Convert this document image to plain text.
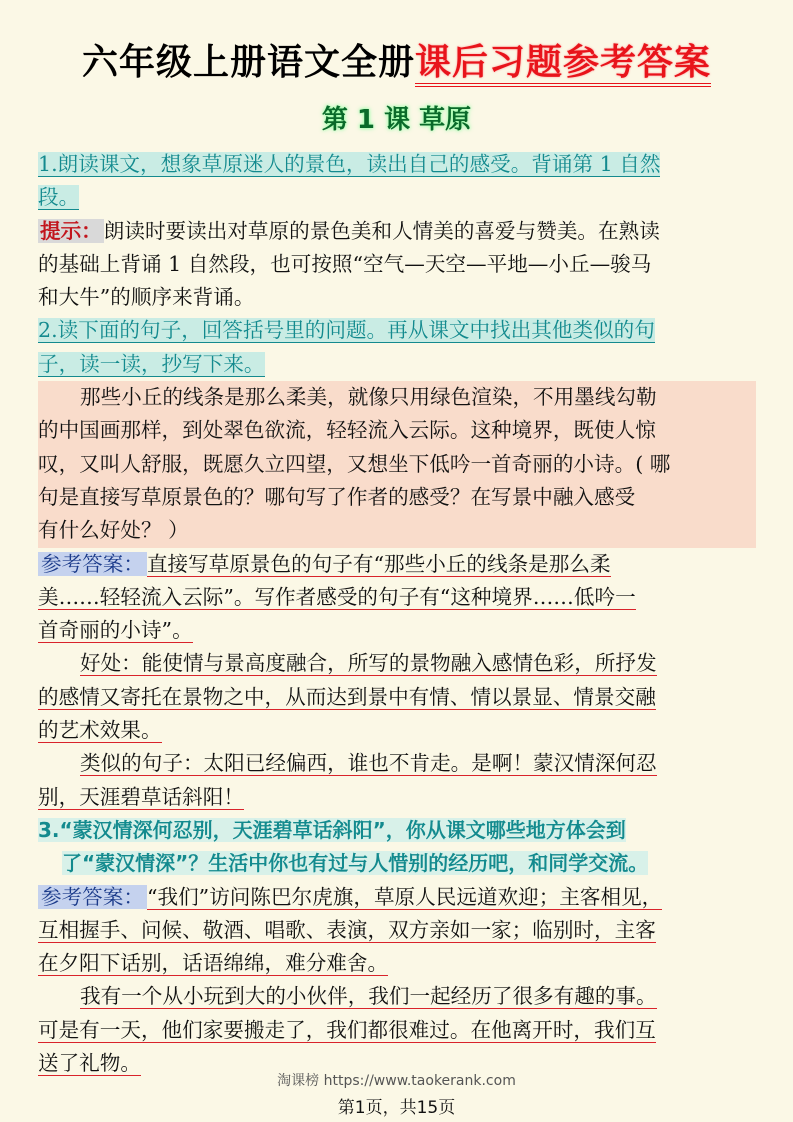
六年级上册语文全册课后习题参考答案
第 1 课 草原
1.朗读课文，想象草原迷人的景色，读出自己的感受。背诵第 1 自然
段。
提示：朗读时要读出对草原的景色美和人情美的喜爱与赞美。在熟读
的基础上背诵 1 自然段，也可按照“空气—天空—平地—小丘—骏马
和大牛”的顺序来背诵。
2.读下面的句子，回答括号里的问题。再从课文中找出其他类似的句
子，读一读，抄写下来。
那些小丘的线条是那么柔美，就像只用绿色渲染，不用墨线勾勒
的中国画那样，到处翠色欲流，轻轻流入云际。这种境界，既使人惊
叹，又叫人舒服，既愿久立四望，又想坐下低吟一首奇丽的小诗。( 哪
句是直接写草原景色的？哪句写了作者的感受？在写景中融入感受
有什么好处？ ）
参考答案： 直接写草原景色的句子有“那些小丘的线条是那么柔
美……轻轻流入云际”。写作者感受的句子有“这种境界……低吟一
首奇丽的小诗”。
好处：能使情与景高度融合，所写的景物融入感情色彩，所抒发
的感情又寄托在景物之中，从而达到景中有情、情以景显、情景交融
的艺术效果。
类似的句子：太阳已经偏西，谁也不肯走。是啊！蒙汉情深何忍
别，天涯碧草话斜阳！
3.“蒙汉情深何忍别，天涯碧草话斜阳”，你从课文哪些地方体会到
了“蒙汉情深”？生活中你也有过与人惜别的经历吧，和同学交流。
参考答案： “我们”访问陈巴尔虎旗，草原人民远道欢迎；主客相见，
互相握手、问候、敬酒、唱歌、表演，双方亲如一家；临别时，主客
在夕阳下话别，话语绵绵，难分难舍。
我有一个从小玩到大的小伙伴，我们一起经历了很多有趣的事。
可是有一天，他们家要搬走了，我们都很难过。在他离开时，我们互
送了礼物。
淘课榜 https://www.taokerank.com
第1页，共15页
